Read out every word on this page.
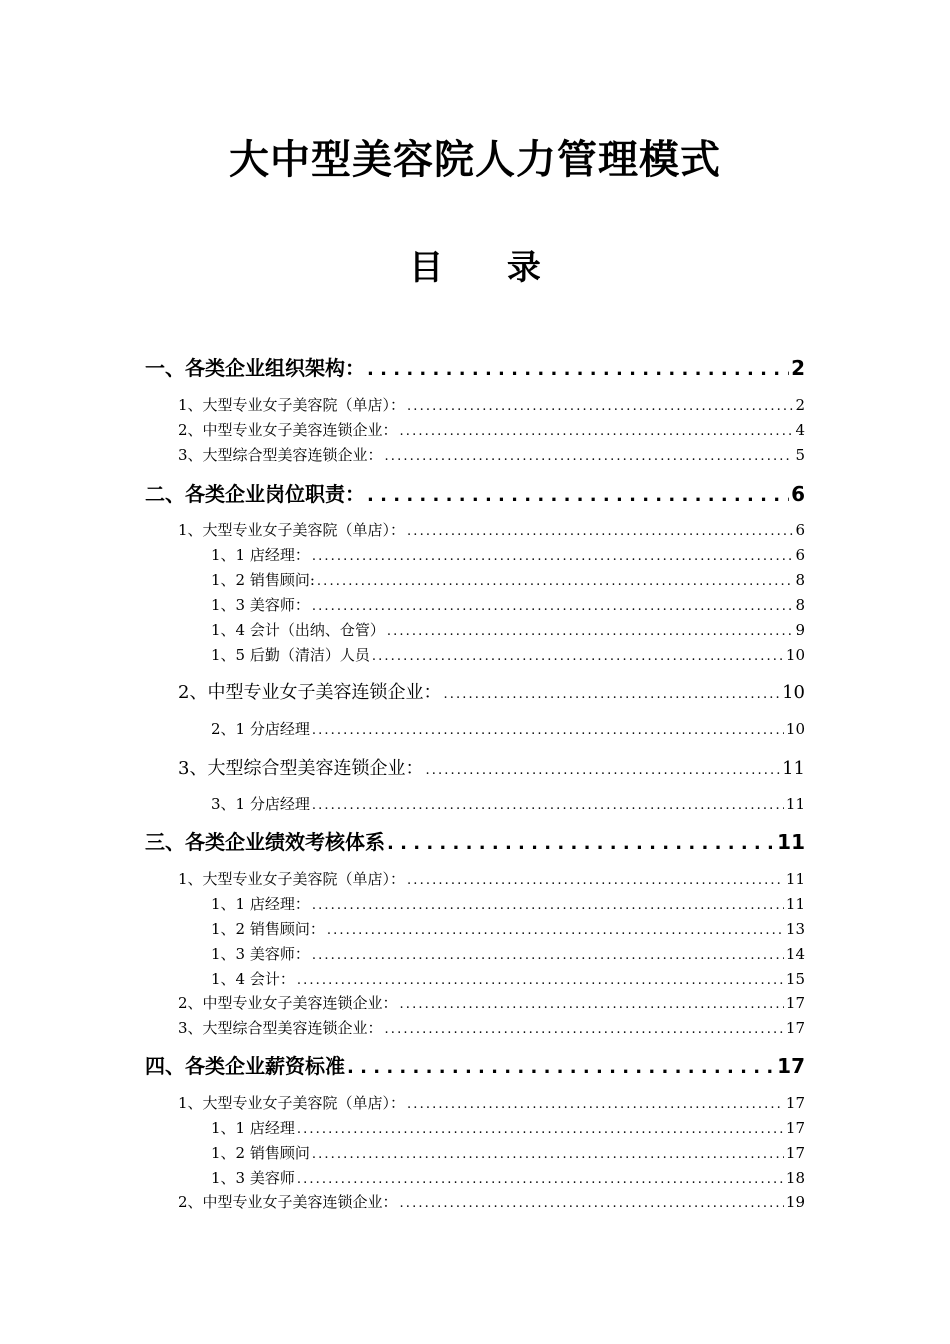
大中型美容院人力管理模式
目 录
一、各类企业组织架构： . . .	2
1、大型专业女子美容院（单店）： . . .	2
2、中型专业女子美容连锁企业： . . .	4
3、大型综合型美容连锁企业： . . .	5
二、各类企业岗位职责： . . .	6
1、大型专业女子美容院（单店）： . . .	6
1、1 店经理： . . .	6
1、2 销售顾问: . . .	8
1、3 美容师： . . .	8
1、4 会计（出纳、仓管） . . .	9
1、5 后勤（清洁）人员 . . .	10
2、中型专业女子美容连锁企业： . . .	10
2、1 分店经理 . . .	10
3、大型综合型美容连锁企业： . . .	11
3、1 分店经理 . . .	11
三、各类企业绩效考核体系 . . .	11
1、大型专业女子美容院（单店）： . . .	11
1、1 店经理： . . .	11
1、2 销售顾问： . . .	13
1、3 美容师： . . .	14
1、4 会计： . . .	15
2、中型专业女子美容连锁企业： . . .	17
3、大型综合型美容连锁企业： . . .	17
四、各类企业薪资标准 . . .	17
1、大型专业女子美容院（单店）： . . .	17
1、1 店经理 . . .	17
1、2 销售顾问 . . .	17
1、3 美容师 . . .	18
2、中型专业女子美容连锁企业： . . .	19
